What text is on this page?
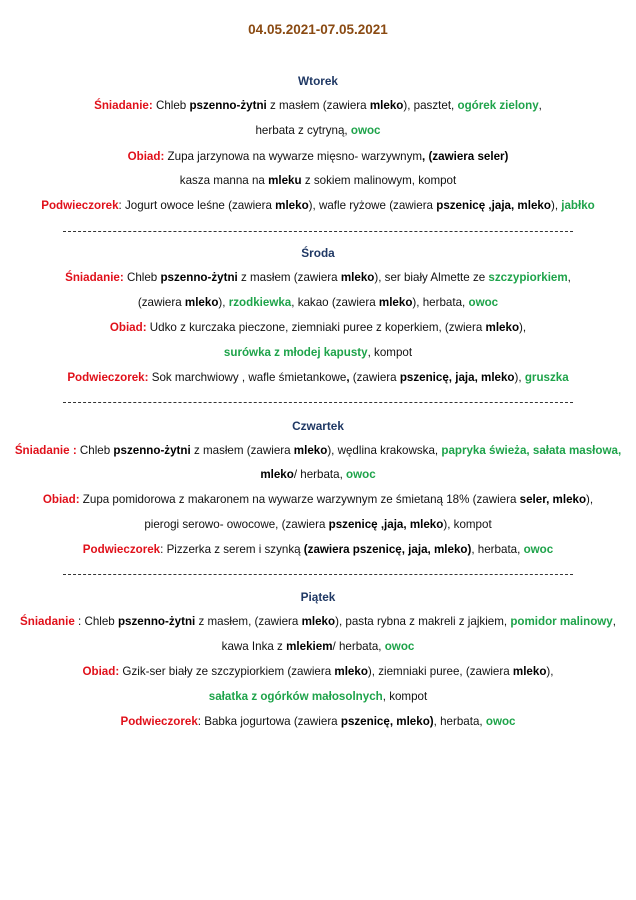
04.05.2021-07.05.2021
Wtorek
Śniadanie: Chleb pszenno-żytni z masłem (zawiera mleko), pasztet, ogórek zielony,
herbata z cytryną, owoc
Obiad: Zupa jarzynowa na wywarze mięsno- warzywnym, (zawiera seler)
kasza manna na mleku z sokiem malinowym, kompot
Podwieczorek: Jogurt owoce leśne (zawiera mleko), wafle ryżowe (zawiera pszenicę ,jaja, mleko), jabłko
Środa
Śniadanie: Chleb pszenno-żytni z masłem (zawiera mleko), ser biały Almette ze szczypiorkiem,
(zawiera mleko), rzodkiewka, kakao (zawiera mleko), herbata, owoc
Obiad: Udko z kurczaka pieczone, ziemniaki puree z koperkiem, (zwiera mleko),
surówka z młodej kapusty, kompot
Podwieczorek: Sok marchwiowy , wafle śmietankowe, (zawiera pszenicę, jaja, mleko), gruszka
Czwartek
Śniadanie : Chleb pszenno-żytni z masłem (zawiera mleko), wędlina krakowska, papryka świeża, sałata masłowa,
mleko/ herbata, owoc
Obiad: Zupa pomidorowa z makaronem na wywarze warzywnym ze śmietaną 18% (zawiera seler, mleko),
pierogi serowo- owocowe, (zawiera pszenicę ,jaja, mleko), kompot
Podwieczorek: Pizzerka z serem i szynką (zawiera pszenicę, jaja, mleko), herbata, owoc
Piątek
Śniadanie : Chleb pszenno-żytni z masłem, (zawiera mleko), pasta rybna z makreli z jajkiem, pomidor malinowy,
kawa Inka z mlekiem/ herbata, owoc
Obiad: Gzik-ser biały ze szczypiorkiem (zawiera mleko), ziemniaki puree, (zawiera mleko),
sałatka z ogórków małosolnych, kompot
Podwieczorek: Babka jogurtowa (zawiera pszenicę, mleko), herbata, owoc
